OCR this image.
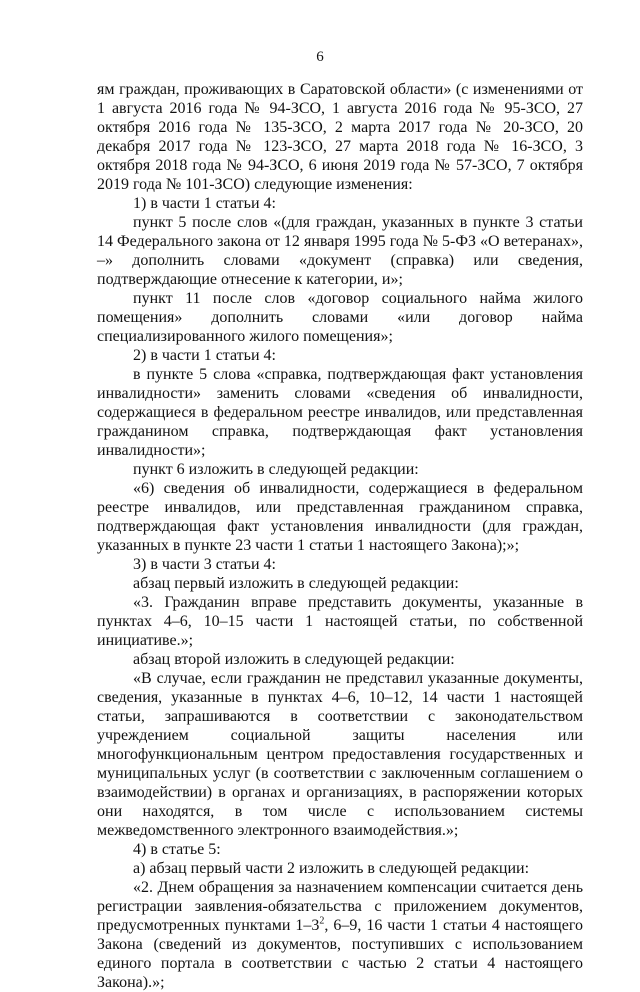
6

ям граждан, проживающих в Саратовской области» (с изменениями от 1 августа 2016 года № 94-ЗСО, 1 августа 2016 года № 95-ЗСО, 27 октября 2016 года № 135-ЗСО, 2 марта 2017 года № 20-ЗСО, 20 декабря 2017 года № 123-ЗСО, 27 марта 2018 года № 16-ЗСО, 3 октября 2018 года № 94-ЗСО, 6 июня 2019 года № 57-ЗСО, 7 октября 2019 года № 101-ЗСО) следующие изменения:

1) в части 1 статьи 4:

пункт 5 после слов «(для граждан, указанных в пункте 3 статьи 14 Федерального закона от 12 января 1995 года № 5-ФЗ «О ветеранах», –» дополнить словами «документ (справка) или сведения, подтверждающие отнесение к категории, и»;

пункт 11 после слов «договор социального найма жилого помещения» дополнить словами «или договор найма специализированного жилого помещения»;

2) в части 1 статьи 4:

в пункте 5 слова «справка, подтверждающая факт установления инвалидности» заменить словами «сведения об инвалидности, содержащиеся в федеральном реестре инвалидов, или представленная гражданином справка, подтверждающая факт установления инвалидности»;

пункт 6 изложить в следующей редакции:

«6) сведения об инвалидности, содержащиеся в федеральном реестре инвалидов, или представленная гражданином справка, подтверждающая факт установления инвалидности (для граждан, указанных в пункте 23 части 1 статьи 1 настоящего Закона);»;

3) в части 3 статьи 4:

абзац первый изложить в следующей редакции:

«3. Гражданин вправе представить документы, указанные в пунктах 4–6, 10–15 части 1 настоящей статьи, по собственной инициативе.»;

абзац второй изложить в следующей редакции:

«В случае, если гражданин не представил указанные документы, сведения, указанные в пунктах 4–6, 10–12, 14 части 1 настоящей статьи, запрашиваются в соответствии с законодательством учреждением социальной защиты населения или многофункциональным центром предоставления государственных и муниципальных услуг (в соответствии с заключенным соглашением о взаимодействии) в органах и организациях, в распоряжении которых они находятся, в том числе с использованием системы межведомственного электронного взаимодействия.»;

4) в статье 5:

а) абзац первый части 2 изложить в следующей редакции:

«2. Днем обращения за назначением компенсации считается день регистрации заявления-обязательства с приложением документов, предусмотренных пунктами $1-3^2$, 6–9, 16 части 1 статьи 4 настоящего Закона (сведений из документов, поступивших с использованием единого портала в соответствии с частью 2 статьи 4 настоящего Закона).»;
